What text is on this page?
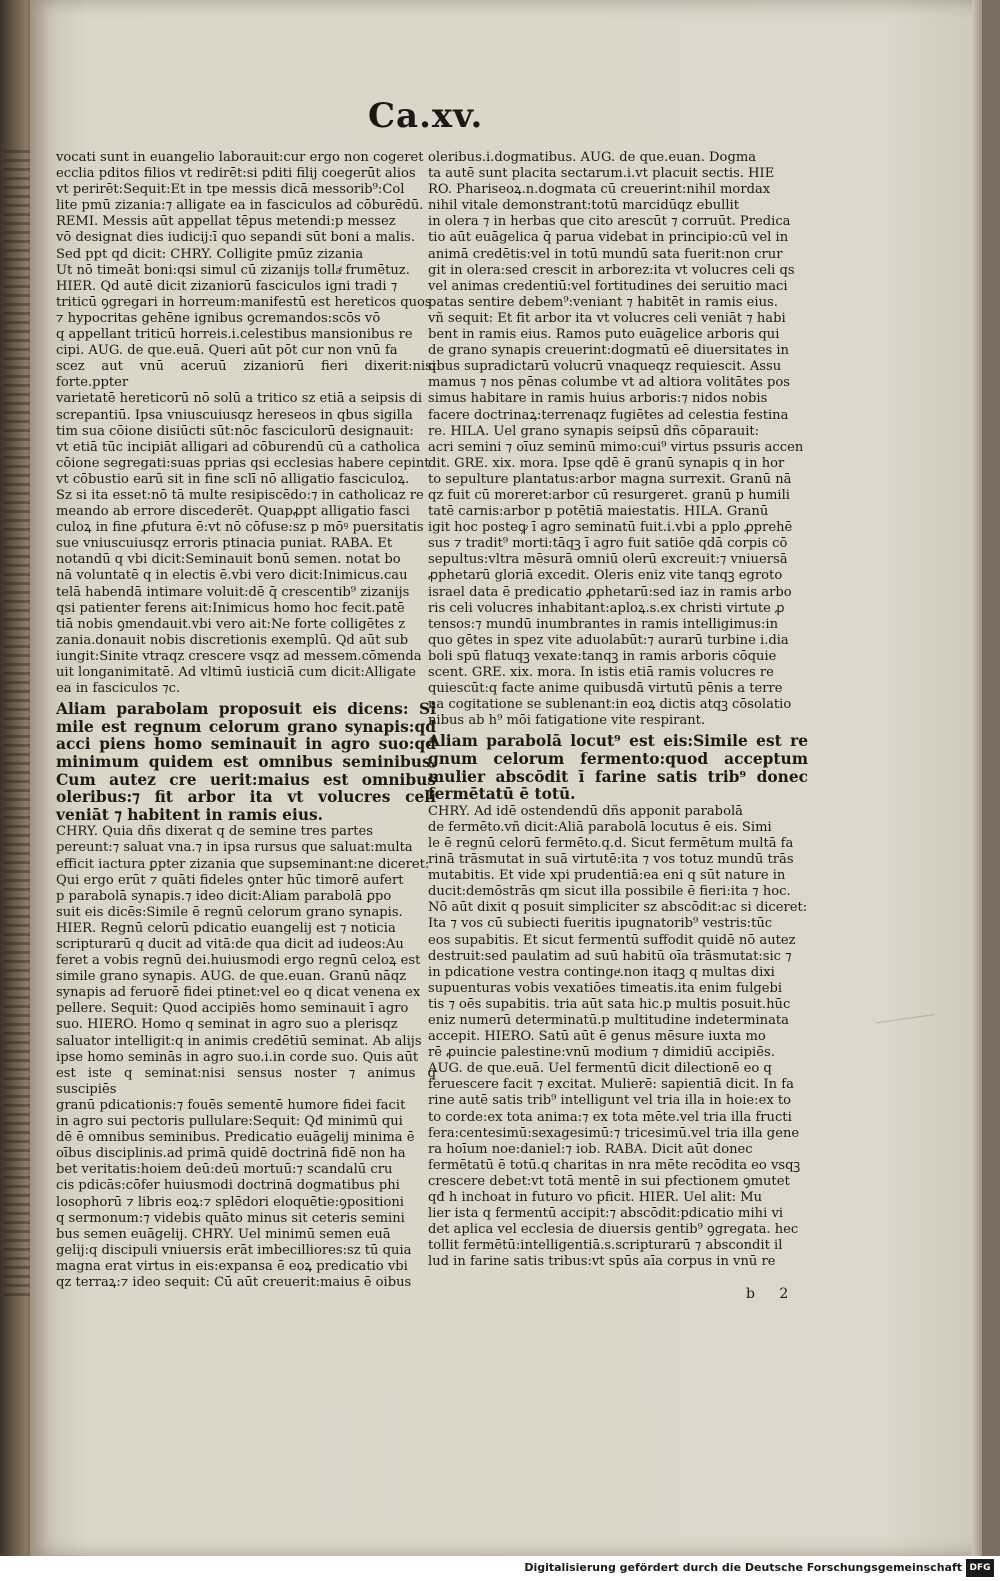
Ca.xv.

vocati sunt in euangelio laborauit:cur ergo non cogeret

ecclia pditos filios vt redirēt:si pditi filij coegerūt alios

vt perirēt:Sequit:Et in tpe messis dicā messorib⁹:Col

lite pmū zizania:⁊ alligate ea in fasciculos ad cōburēdū.

REMI. Messis aūt appellat tēpus metendi:p messez

vō designat dies iudicij:ī quo sepandi sūt boni a malis.

Sed ppt qd dicit: CHRY. Colligite pmūz zizania

Ut nō timeāt boni:qsi simul cū zizanijs tollaͭ frumētuz.

HIER. Qd autē dicit zizaniorū fasciculos igni tradi ⁊

triticū ꝯgregari in horreum:manifestū est hereticos quos

⁊ hypocritas gehēne ignibus ꝯcremandos:scōs vō

q appellant triticū horreis.i.celestibus mansionibus re

cipi. AUG. de que.euā. Queri aūt pōt cur non vnū fa

scez aut vnū aceruū zizaniorū fieri dixerit:nisi forte.ppter

varietatē hereticorū nō solū a tritico sz etiā a seipsis di

screpantiū. Ipsa vniuscuiusqz hereseos in qbus sigilla

tim sua cōione disiūcti sūt:nōc fasciculorū designauit:

vt etiā tūc incipiāt alligari ad cōburendū cū a catholica

cōione segregati:suas pprias qsi ecclesias habere cepint

vt cōbustio earū sit in fine sclī nō alligatio fasciculoꝝ.

Sz si ita esset:nō tā multe resipiscēdo:⁊ in catholicaz re

meando ab errore discederēt. Quapꝓpt alligatio fasci

culoꝝ in fine ꝓfutura ē:vt nō cōfuse:sz p mōꝰ puersitatis

sue vniuscuiusqz erroris ptinacia puniat. RABA. Et

notandū q vbi dicit:Seminauit bonū semen. notat bo

nā voluntatē q in electis ē.vbi vero dicit:Inimicus.cau

telā habendā intimare voluit:dē q̄ crescentib⁹ zizanijs

qsi patienter ferens ait:Inimicus homo hoc fecit.patē

tiā nobis ꝯmendauit.vbi vero ait:Ne forte colligētes z

zania.donauit nobis discretionis exemplū. Qd aūt sub

iungit:Sinite vtraqz crescere vsqz ad messem.cōmenda

uit longanimitatē. Ad vltimū iusticiā cum dicit:Alligate

ea in fasciculos ⁊c.

Aliam parabolam proposuit eis dicens: Si mile est regnum celorum grano synapis:qđ acci piens homo seminauit in agro suo:qđ minimum quidem est omnibus seminibus. Cum autez cre uerit:maius est omnibus oleribus:⁊ fit arbor ita vt volucres celi veniāt ⁊ habitent in ramis eius.

CHRY. Quia dñs dixerat q de semine tres partes

pereunt:⁊ saluat vna.⁊ in ipsa rursus que saluat:multa

efficit iactura ꝑpter zizania que supseminant:ne diceret:

Qui ergo erūt ⁊ quāti fideles ꝯnter hūc timorē aufert

p parabolā synapis.⁊ ideo dicit:Aliam parabolā ꝑpo

suit eis dicēs:Simile ē regnū celorum grano synapis.

HIER. Regnū celorū pdicatio euangelij est ⁊ noticia

scripturarū q ducit ad vitā:de qua dicit ad iudeos:Au

feret a vobis regnū dei.huiusmodi ergo regnū celoꝝ est

simile grano synapis. AUG. de que.euan. Granū nāqz

synapis ad feruorē fidei ptinet:vel eo q dicat venena ex

pellere. Sequit: Quod accipiēs homo seminauit ī agro

suo. HIERO. Homo q seminat in agro suo a plerisqz

saluator intelligit:q in animis credētiū seminat. Ab alijs

ipse homo seminās in agro suo.i.in corde suo. Quis aūt

est iste q seminat:nisi sensus noster ⁊ animus q suscipiēs

granū pdicationis:⁊ fouēs sementē humore fidei facit

in agro sui pectoris pullulare:Sequit: Qđ minimū qui

dē ē omnibus seminibus. Predicatio euāgelij minima ē

oībus disciplinis.ad primā quidē doctrinā fidē non ha

bet veritatis:hoiem deū:deū mortuū:⁊ scandalū cru

cis pdicās:cōfer huiusmodi doctrinā dogmatibus phi

losophorū ⁊ libris eoꝝ:⁊ splēdori eloquētie:ꝯpositioni

q sermonum:⁊ videbis quāto minus sit ceteris semini

bus semen euāgelij. CHRY. Uel minimū semen euā

gelij:q discipuli vniuersis erāt imbecilliores:sz tū quia

magna erat virtus in eis:expansa ē eoꝝ predicatio vbi

qz terraꝝ:⁊ ideo sequit: Cū aūt creuerit:maius ē oibus

oleribus.i.dogmatibus. AUG. de que.euan. Dogma

ta autē sunt placita sectarum.i.vt placuit sectis. HIE

RO. Phariseoꝝ.n.dogmata cū creuerint:nihil mordax

nihil vitale demonstrant:totū marcidūqz ebullit

in olera ⁊ in herbas que cito arescūt ⁊ corruūt. Predica

tio aūt euāgelica q̄ parua videbat in principio:cū vel in

animā credētis:vel in totū mundū sata fuerit:non crur

git in olera:sed crescit in arborez:ita vt volucres celi qs

vel animas credentiū:vel fortitudines dei seruitio maci

patas sentire debem⁹:veniant ⁊ habitēt in ramis eius.

vñ sequit: Et fit arbor ita vt volucres celi veniāt ⁊ habi

bent in ramis eius. Ramos puto euāgelice arboris qui

de grano synapis creuerint:dogmatū eē diuersitates in

qbus supradictarū volucrū vnaqueqz requiescit. Assu

mamus ⁊ nos pēnas columbe vt ad altiora volitātes pos

simus habitare in ramis huius arboris:⁊ nidos nobis

facere doctrinaꝝ:terrenaqz fugiētes ad celestia festina

re. HILA. Uel grano synapis seipsū dñs cōparauit:

acri semini ⁊ oīuz seminū mimo:cui⁹ virtus pssuris accen

dit. GRE. xix. mora. Ipse qdē ē granū synapis q in hor

to sepulture plantatus:arbor magna surrexit. Granū nā

qz fuit cū moreret:arbor cū resurgeret. granū p humili

tatē carnis:arbor p potētiā maiestatis. HILA. Granū

igit hoc posteꝙ ī agro seminatū fuit.i.vbi a pplo ꝓprehē

sus ⁊ tradit⁹ morti:tāqꝫ ī agro fuit satiōe qdā corpis cō

sepultus:vltra mēsurā omniū olerū excreuit:⁊ vniuersā

ꝓphetarū gloriā excedit. Oleris eniz vite tanqꝫ egroto

israel data ē predicatio ꝓphetarū:sed iaz in ramis arbo

ris celi volucres inhabitant:aploꝝ.s.ex christi virtute ꝓ

tensos:⁊ mundū inumbrantes in ramis intelligimus:in

quo gētes in spez vite aduolabūt:⁊ aurarū turbine i.dia

boli spū flatuqꝫ vexate:tanqꝫ in ramis arboris cōquie

scent. GRE. xix. mora. In istis etiā ramis volucres re

quiescūt:q facte anime quibusdā virtutū pēnis a terre

na cogitatione se sublenant:in eoꝝ dictis atqꝫ cōsolatio

nibus ab h⁹ mōi fatigatione vite respirant.

Aliam parabolā locut⁹ est eis:Simile est re gnum celorum fermento:quod acceptum mulier abscōdit ī farine satis trib⁹ donec fermētatū ē totū.

CHRY. Ad idē ostendendū dñs apponit parabolā

de fermēto.vñ dicit:Aliā parabolā locutus ē eis. Simi

le ē regnū celorū fermēto.q.d. Sicut fermētum multā fa

rinā trāsmutat in suā virtutē:ita ⁊ vos totuz mundū trās

mutabitis. Et vide xpi prudentiā:ea eni q sūt nature in

ducit:demōstrās qm sicut illa possibile ē fieri:ita ⁊ hoc.

Nō aūt dixit q posuit simpliciter sz abscōdit:ac si diceret:

Ita ⁊ vos cū subiecti fueritis ipugnatorib⁹ vestris:tūc

eos supabitis. Et sicut fermentū suffodit quidē nō autez

destruit:sed paulatim ad suū habitū oīa trāsmutat:sic ⁊

in pdicatione vestra contingeͭ.non itaqꝫ q multas dixi

supuenturas vobis vexatiōes timeatis.ita enim fulgebi

tis ⁊ oēs supabitis. tria aūt sata hic.p multis posuit.hūc

eniz numerū determinatū.p multitudine indeterminata

accepit. HIERO. Satū aūt ē genus mēsure iuxta mo

rē ꝓuincie palestine:vnū modium ⁊ dimidiū accipiēs.

AUG. de que.euā. Uel fermentū dicit dilectionē eo q

feruescere facit ⁊ excitat. Mulierē: sapientiā dicit. In fa

rine autē satis trib⁹ intelligunt vel tria illa in hoie:ex to

to corde:ex tota anima:⁊ ex tota mēte.vel tria illa fructi

fera:centesimū:sexagesimū:⁊ tricesimū.vel tria illa gene

ra hoīum noe:daniel:⁊ iob. RABA. Dicit aūt donec

fermētatū ē totū.q charitas in nra mēte recōdita eo vsqꝫ

crescere debet:vt totā mentē in sui pfectionem ꝯmutet

qđ h inchoat in futuro vo pficit. HIER. Uel alit: Mu

lier ista q fermentū accipit:⁊ abscōdit:pdicatio mihi vi

det aplica vel ecclesia de diuersis gentib⁹ ꝯgregata. hec

tollit fermētū:intelligentiā.s.scripturarū ⁊ abscondit il

lud in farine satis tribus:vt spūs aīa corpus in vnū re

b 2
Digitalisierung gefördert durch die Deutsche Forschungsgemeinschaft DFG
